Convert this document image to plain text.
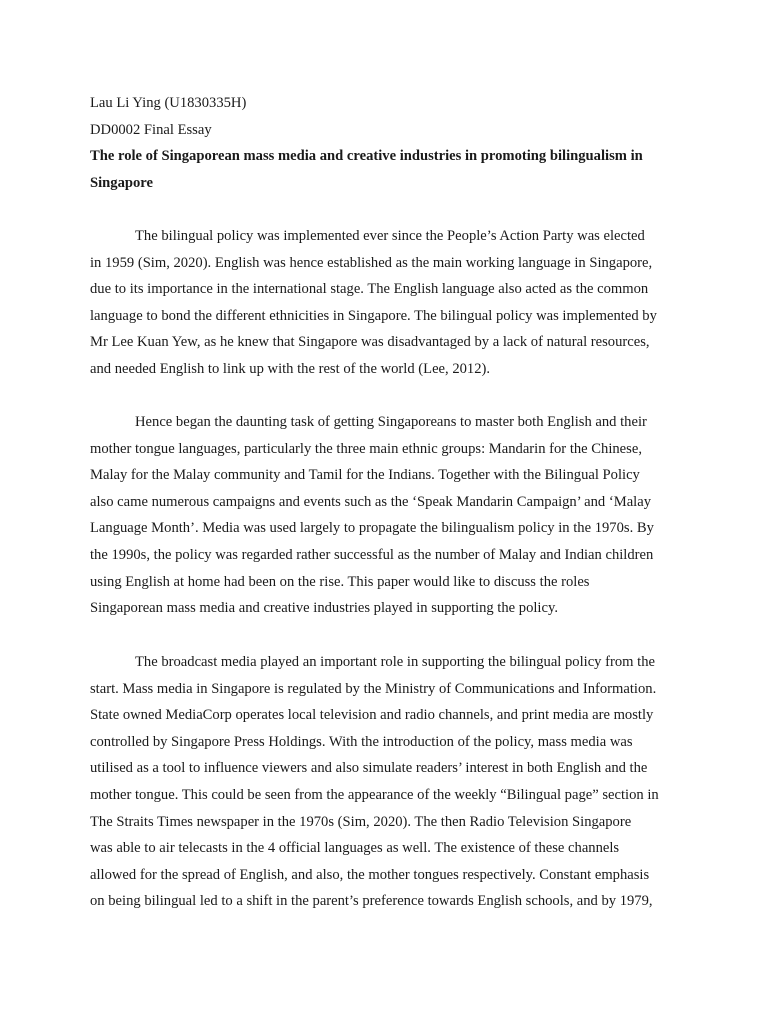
Lau Li Ying (U1830335H)
DD0002 Final Essay
The role of Singaporean mass media and creative industries in promoting bilingualism in
Singapore
The bilingual policy was implemented ever since the People’s Action Party was elected
in 1959 (Sim, 2020). English was hence established as the main working language in Singapore,
due to its importance in the international stage. The English language also acted as the common
language to bond the different ethnicities in Singapore. The bilingual policy was implemented by
Mr Lee Kuan Yew, as he knew that Singapore was disadvantaged by a lack of natural resources,
and needed English to link up with the rest of the world (Lee, 2012).
Hence began the daunting task of getting Singaporeans to master both English and their
mother tongue languages, particularly the three main ethnic groups: Mandarin for the Chinese,
Malay for the Malay community and Tamil for the Indians. Together with the Bilingual Policy
also came numerous campaigns and events such as the ‘Speak Mandarin Campaign’ and ‘Malay
Language Month’. Media was used largely to propagate the bilingualism policy in the 1970s. By
the 1990s, the policy was regarded rather successful as the number of Malay and Indian children
using English at home had been on the rise. This paper would like to discuss the roles
Singaporean mass media and creative industries played in supporting the policy.
The broadcast media played an important role in supporting the bilingual policy from the
start. Mass media in Singapore is regulated by the Ministry of Communications and Information.
State owned MediaCorp operates local television and radio channels, and print media are mostly
controlled by Singapore Press Holdings. With the introduction of the policy, mass media was
utilised as a tool to influence viewers and also simulate readers’ interest in both English and the
mother tongue. This could be seen from the appearance of the weekly “Bilingual page” section in
The Straits Times newspaper in the 1970s (Sim, 2020). The then Radio Television Singapore
was able to air telecasts in the 4 official languages as well. The existence of these channels
allowed for the spread of English, and also, the mother tongues respectively. Constant emphasis
on being bilingual led to a shift in the parent’s preference towards English schools, and by 1979,
